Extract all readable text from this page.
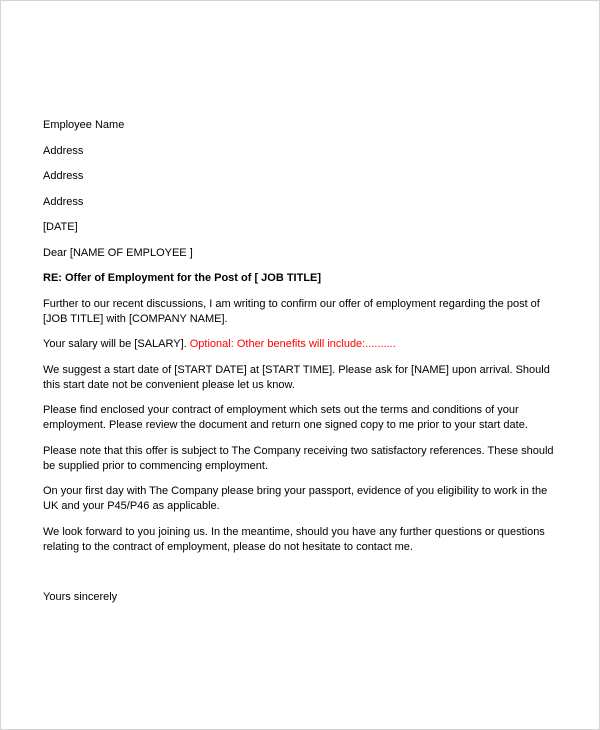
Employee Name
Address
Address
Address
[DATE]
Dear [NAME OF EMPLOYEE ]
RE: Offer of Employment for the Post of [ JOB TITLE]
Further to our recent discussions, I am writing to confirm our offer of employment regarding the post of [JOB TITLE] with [COMPANY NAME].
Your salary will be [SALARY]. Optional: Other benefits will include:..........
We suggest a start date of [START DATE] at [START TIME]. Please ask for [NAME] upon arrival. Should this start date not be convenient please let us know.
Please find enclosed your contract of employment which sets out the terms and conditions of your employment. Please review the document and return one signed copy to me prior to your start date.
Please note that this offer is subject to The Company receiving two satisfactory references. These should be supplied prior to commencing employment.
On your first day with The Company please bring your passport, evidence of you eligibility to work in the UK and your P45/P46 as applicable.
We look forward to you joining us. In the meantime, should you have any further questions or questions relating to the contract of employment, please do not hesitate to contact me.
Yours sincerely
